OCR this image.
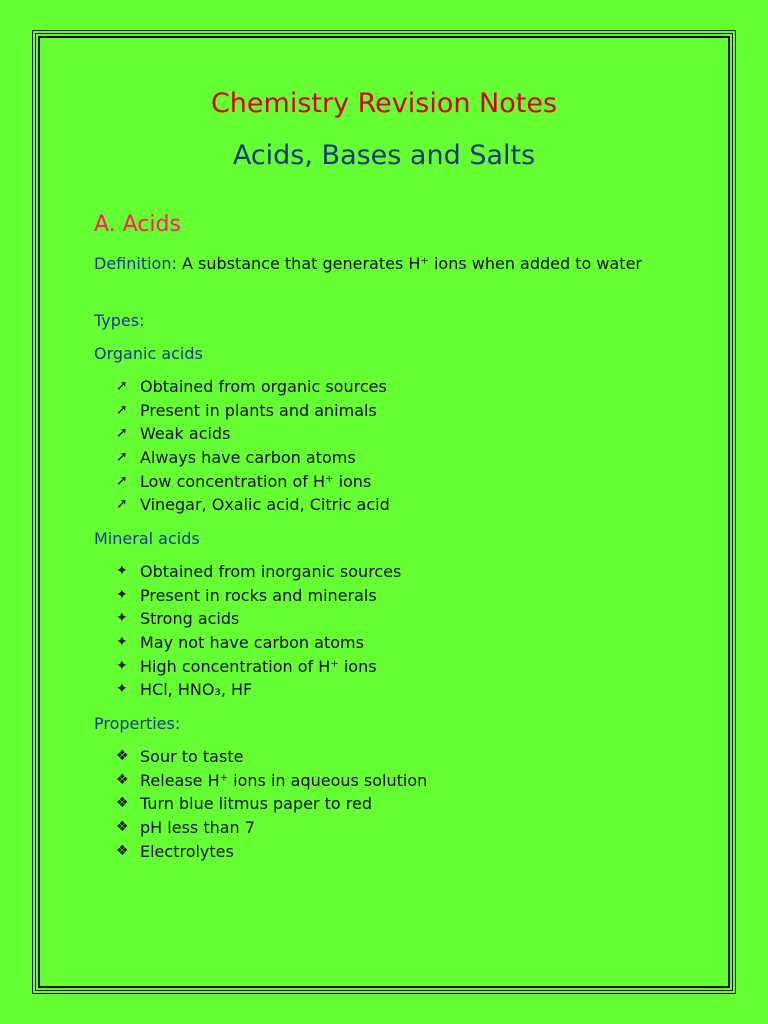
Chemistry Revision Notes
Acids, Bases and Salts
A. Acids
Definition: A substance that generates H⁺ ions when added to water
Types:
Organic acids
➚ Obtained from organic sources
➚ Present in plants and animals
➚ Weak acids
➚ Always have carbon atoms
➚ Low concentration of H⁺ ions
➚ Vinegar, Oxalic acid, Citric acid
Mineral acids
✦ Obtained from inorganic sources
✦ Present in rocks and minerals
✦ Strong acids
✦ May not have carbon atoms
✦ High concentration of H⁺ ions
✦ HCl, HNO₃, HF
Properties:
❖ Sour to taste
❖ Release H⁺ ions in aqueous solution
❖ Turn blue litmus paper to red
❖ pH less than 7
❖ Electrolytes
